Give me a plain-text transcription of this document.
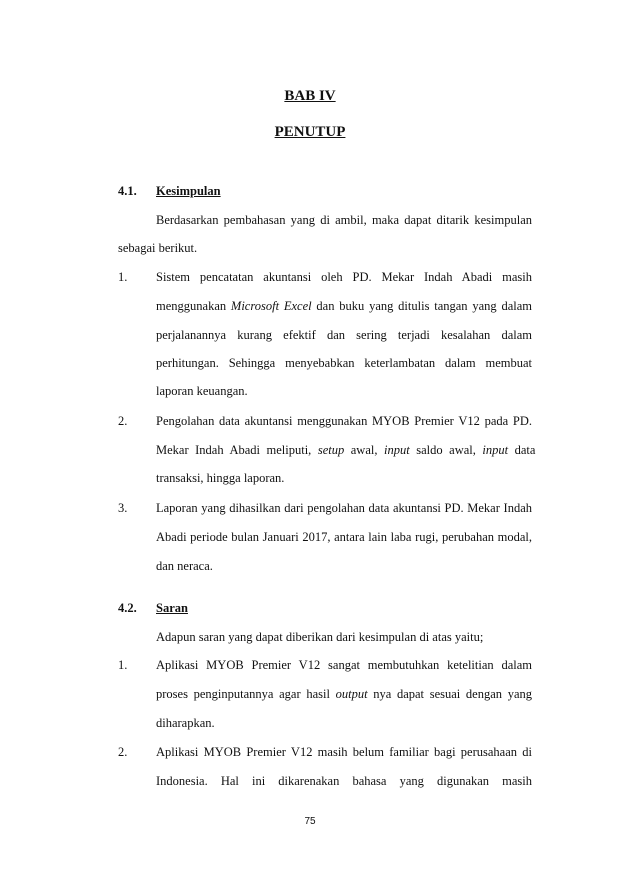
BAB IV
PENUTUP
4.1. Kesimpulan
Berdasarkan pembahasan yang di ambil, maka dapat ditarik kesimpulan
sebagai berikut.
1. Sistem pencatatan akuntansi oleh PD. Mekar Indah Abadi masih
menggunakan Microsoft Excel dan buku yang ditulis tangan yang dalam
perjalanannya kurang efektif dan sering terjadi kesalahan dalam
perhitungan. Sehingga menyebabkan keterlambatan dalam membuat
laporan keuangan.
2. Pengolahan data akuntansi menggunakan MYOB Premier V12 pada PD.
Mekar Indah Abadi meliputi, setup awal, input saldo awal, input data
transaksi, hingga laporan.
3. Laporan yang dihasilkan dari pengolahan data akuntansi PD. Mekar Indah
Abadi periode bulan Januari 2017, antara lain laba rugi, perubahan modal,
dan neraca.
4.2. Saran
Adapun saran yang dapat diberikan dari kesimpulan di atas yaitu;
1. Aplikasi MYOB Premier V12 sangat membutuhkan ketelitian dalam
proses penginputannya agar hasil output nya dapat sesuai dengan yang
diharapkan.
2. Aplikasi MYOB Premier V12 masih belum familiar bagi perusahaan di
Indonesia. Hal ini dikarenakan bahasa yang digunakan masih
75
